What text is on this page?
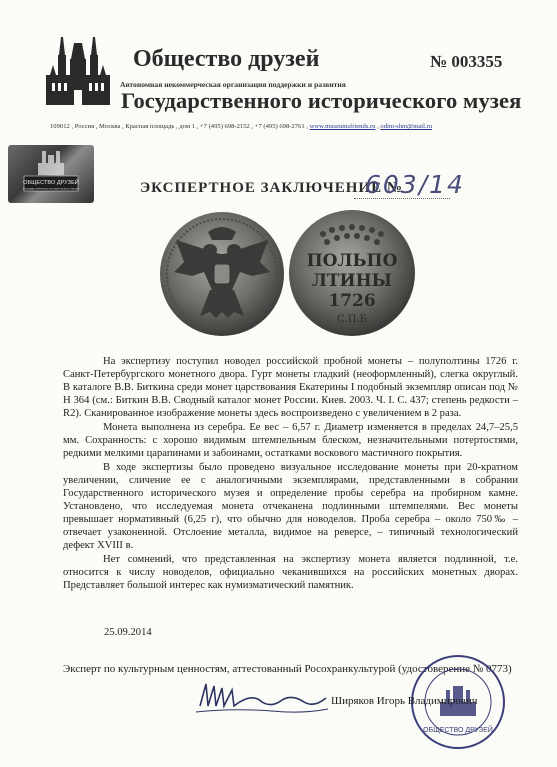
Общество друзей	№ 003355
Автономная некоммерческая организация поддержки и развития
Государственного исторического музея
109012 , Россия , Москва , Красная площадь , дом 1 , +7 (495) 698-2152 , +7 (495) 698-2761 , www.museumsfriends.ru , odim-shm@mail.ru
ОБЩЕСТВО ДРУЗЕЙ
Государственного исторического музея	ЭКСПЕРТНОЕ ЗАКЛЮЧЕНИЕ №
603/14
ПОЛЬПО
ЛТИНЫ
1726
С.П.Б

На экспертизу поступил новодел российской пробной монеты – полуполтины 1726 г. Санкт-Петербургского монетного двора. Гурт монеты гладкий (неоформленный), слегка округлый. В каталоге В.В. Биткина среди монет царствования Екатерины I подобный экземпляр описан под № Н 364 (см.: Биткин В.В. Сводный каталог монет России. Киев. 2003. Ч. I. С. 437; степень редкости – R2). Сканированное изображение монеты здесь воспроизведено с увеличением в 2 раза.

Монета выполнена из серебра. Ее вес – 6,57 г. Диаметр изменяется в пределах 24,7–25,5 мм. Сохранность: с хорошо видимым штемпельным блеском, незначительными потертостями, редкими мелкими царапинами и забоинами, остатками воскового мастичного покрытия.

В ходе экспертизы было проведено визуальное исследование монеты при 20-кратном увеличении, сличение ее с аналогичными экземплярами, представленными в собрании Государственного исторического музея и определение пробы серебра на пробирном камне. Установлено, что исследуемая монета отчеканена подлинными штемпелями. Вес монеты превышает нормативный (6,25 г), что обычно для новоделов. Проба серебра – около 750‰ – отвечает узаконенной. Отслоение металла, видимое на реверсе, – типичный технологический дефект XVIII в.

Нет сомнений, что представленная на экспертизу монета является подлинной, т.е. относится к числу новоделов, официально чеканившихся на российских монетных дворах. Представляет большой интерес как нумизматический памятник.

25.09.2014
Эксперт по культурным ценностям, аттестованный Росохранкультурой (удостоверение № 0773)
ОБЩЕСТВО ДРУЗЕЙ
Ширяков Игорь Владимирович
